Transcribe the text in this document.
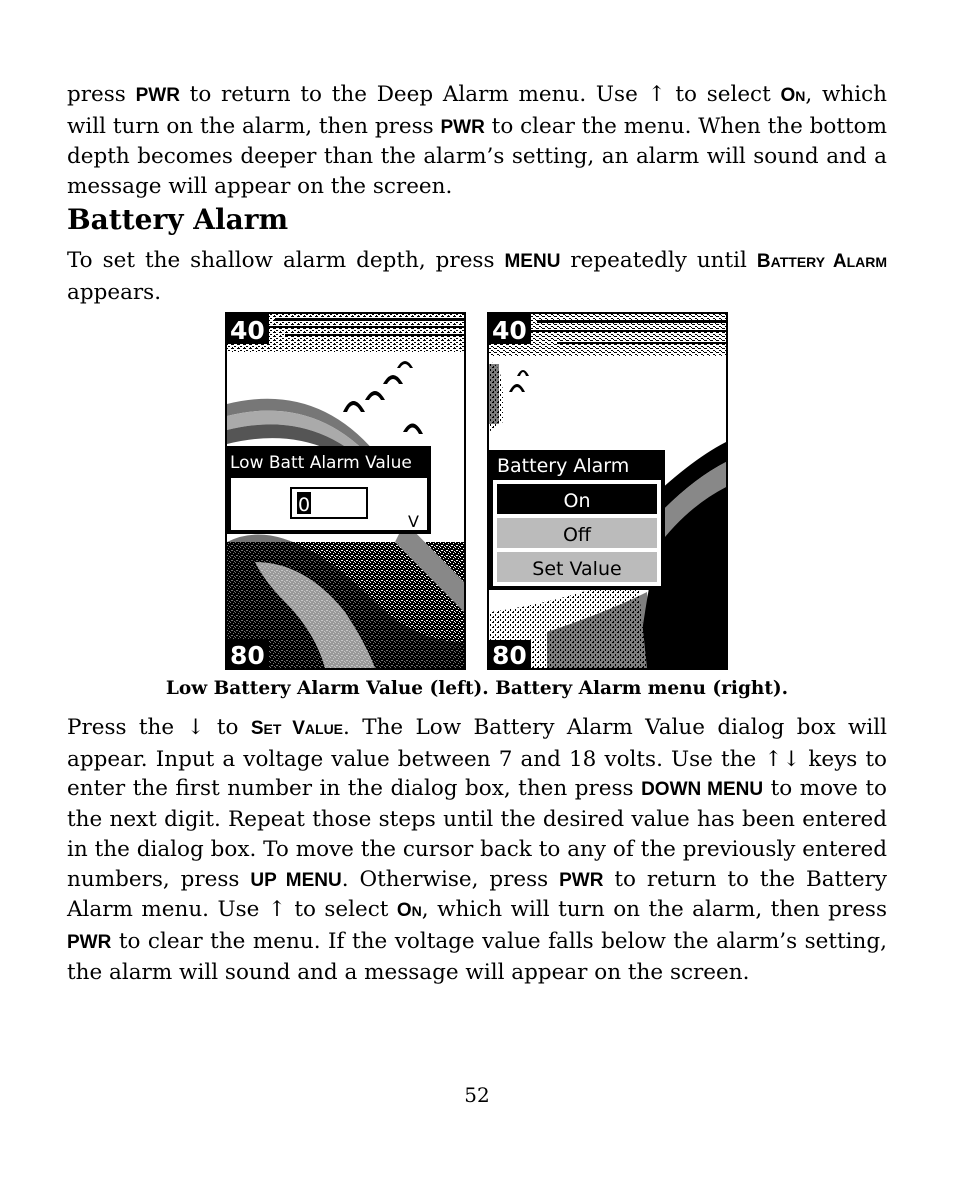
press PWR to return to the Deep Alarm menu. Use ↑ to select ON, which will turn on the alarm, then press PWR to clear the menu. When the bottom depth becomes deeper than the alarm’s setting, an alarm will sound and a message will appear on the screen.

Battery Alarm

To set the shallow alarm depth, press MENU repeatedly until BATTERY ALARM appears.

40
80
Low Batt Alarm Value
0007
V
40
80
Battery Alarm
On
Off
Set Value

Low Battery Alarm Value (left). Battery Alarm menu (right).

Press the ↓ to SET VALUE. The Low Battery Alarm Value dialog box will appear. Input a voltage value between 7 and 18 volts. Use the ↑↓ keys to enter the first number in the dialog box, then press DOWN MENU to move to the next digit. Repeat those steps until the desired value has been entered in the dialog box. To move the cursor back to any of the previously entered numbers, press UP MENU. Otherwise, press PWR to return to the Battery Alarm menu. Use ↑ to select ON, which will turn on the alarm, then press PWR to clear the menu. If the voltage value falls below the alarm’s setting, the alarm will sound and a message will appear on the screen.

52
